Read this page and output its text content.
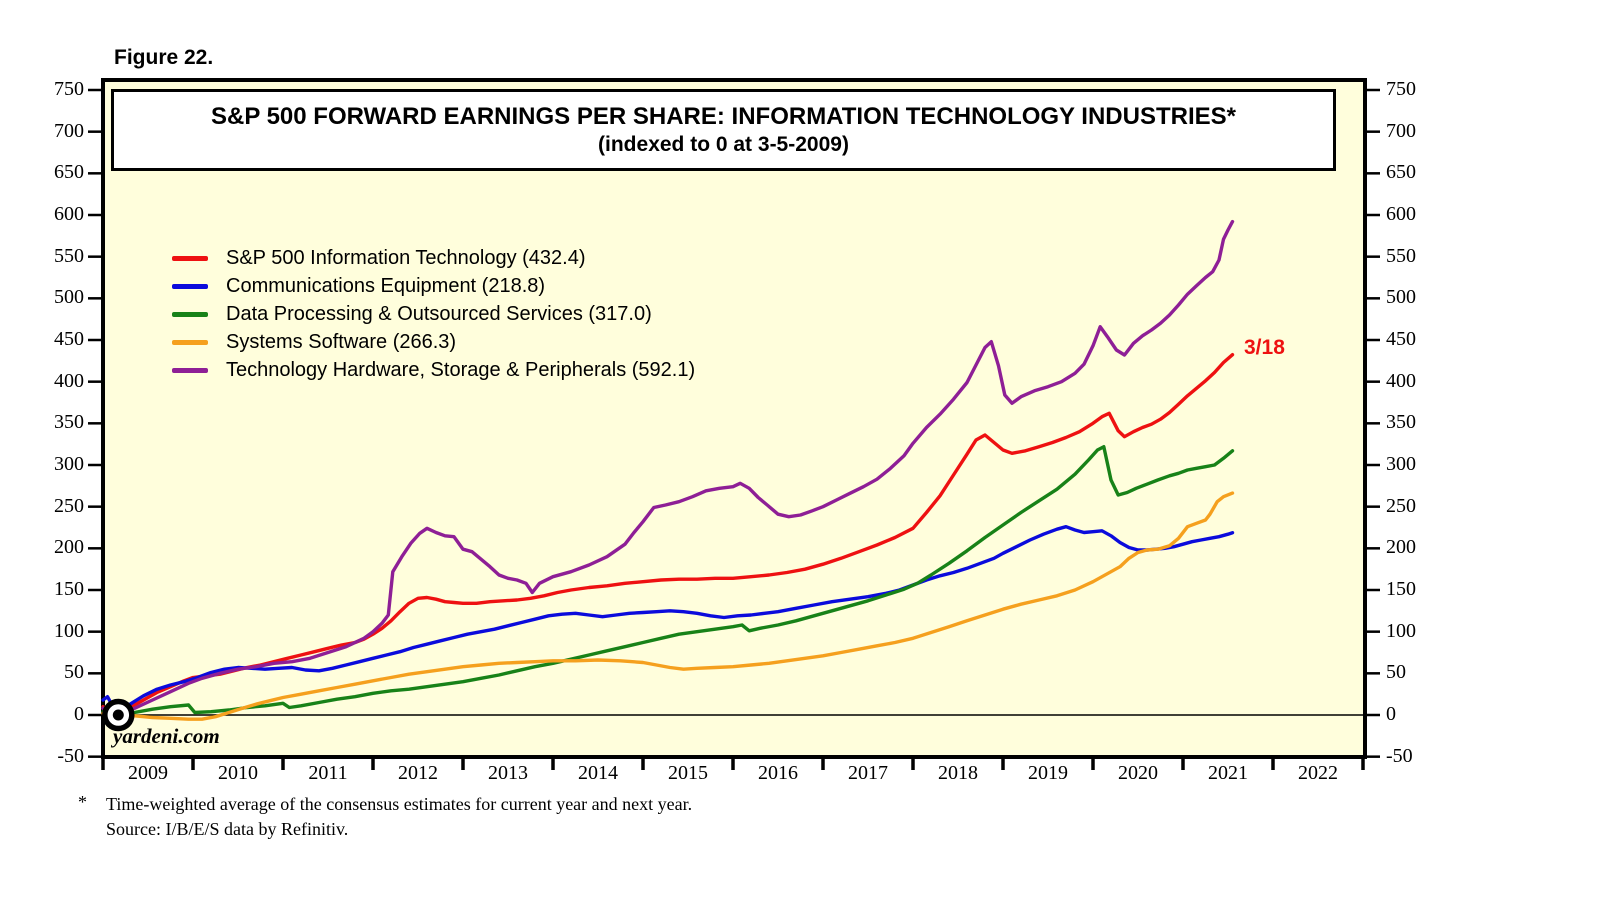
Figure 22.
S&P 500 FORWARD EARNINGS PER SHARE: INFORMATION TECHNOLOGY INDUSTRIES*
(indexed to 0 at 3-5-2009)
S&P 500 Information Technology (432.4)
Communications Equipment (218.8)
Data Processing & Outsourced Services (317.0)
Systems Software (266.3)
Technology Hardware, Storage & Peripherals (592.1)
-50	-50
0	0
50	50
100	100
150	150
200	200
250	250
300	300
350	350
400	400
450	450
500	500
550	550
600	600
650	650
700	700
750	750
2009	2010	2011	2012	2013	2014	2015	2016	2017	2018	2019	2020	2021	2022
yardeni.com
3/18
*	Time-weighted average of the consensus estimates for current year and next year.
Source: I/B/E/S data by Refinitiv.
